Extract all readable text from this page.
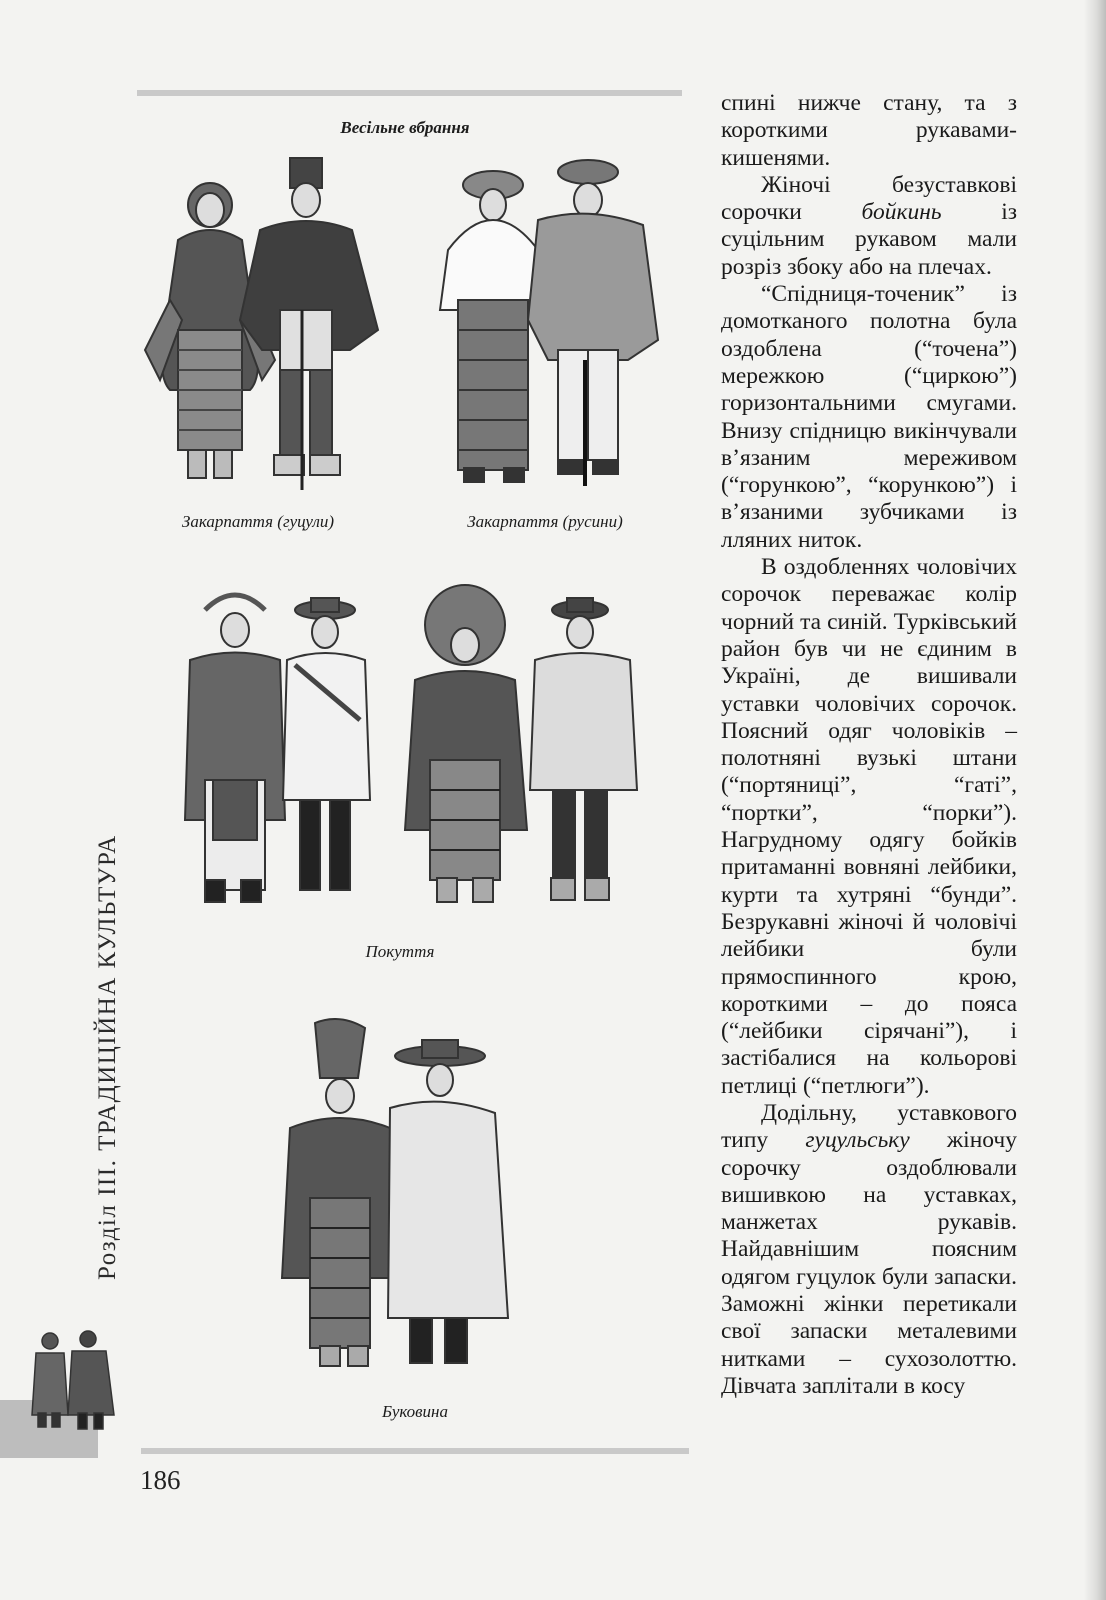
Весільне вбрання
Закарпаття (гуцули)	Закарпаття (русини)
Покуття
Буковина
Розділ ІІІ. ТРАДИЦІЙНА КУЛЬТУРА
186

спині нижче стану, та з короткими рукавами-кишенями.

Жіночі безуставкові сорочки бойкинь із суцільним рукавом мали розріз збоку або на плечах.

“Спідниця-точеник” із домотканого полотна була оздоблена (“точена”) мережкою (“циркою”) горизонтальними смугами. Внизу спідницю викінчували в’язаним мереживом (“горункою”, “корункою”) і в’язаними зубчиками із лляних ниток.

В оздобленнях чоловічих сорочок переважає колір чорний та синій. Турківський район був чи не єдиним в Україні, де вишивали уставки чоловічих сорочок. Поясний одяг чоловіків – полотняні вузькі штани (“портяниці”, “гаті”, “портки”, “порки”). Нагрудному одягу бойків притаманні вовняні лейбики, курти та хутряні “бунди”. Безрукавні жіночі й чоловічі лейбики були прямоспинного крою, короткими – до пояса (“лейбики сірячані”), і застібалися на кольорові петлиці (“петлюги”).

Додільну, уставкового типу гуцульську жіночу сорочку оздоблювали вишивкою на уставках, манжетах рукавів. Найдавнішим поясним одягом гуцулок були запаски. Заможні жінки перетикали свої запаски металевими нитками – сухозолоттю. Дівчата заплітали в косу
